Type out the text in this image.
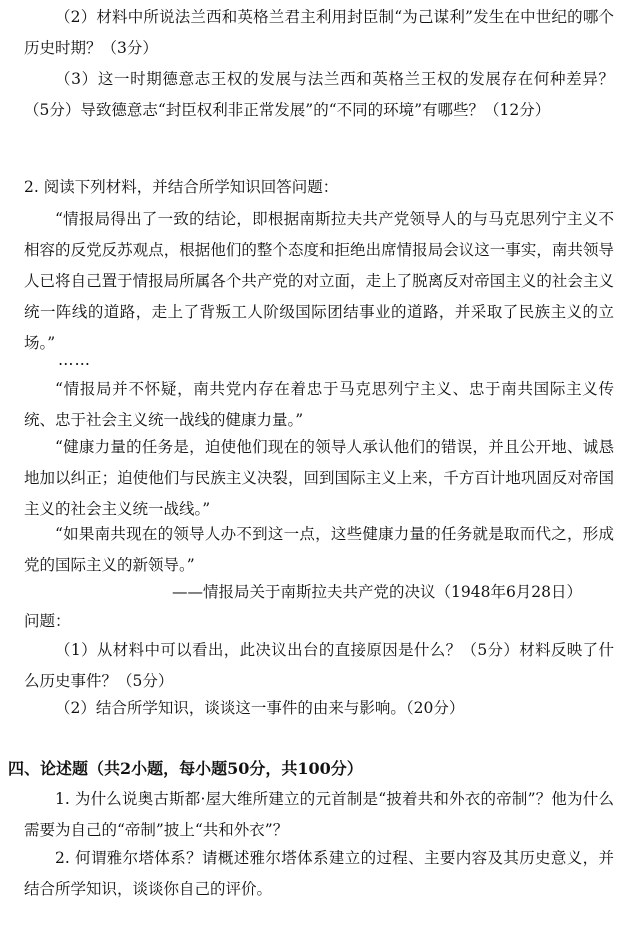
（2）材料中所说法兰西和英格兰君主利用封臣制“为己谋利”发生在中世纪的哪个历史时期？（3分）

（3）这一时期德意志王权的发展与法兰西和英格兰王权的发展存在何种差异？（5分）导致德意志“封臣权利非正常发展”的“不同的环境”有哪些？（12分）

2. 阅读下列材料，并结合所学知识回答问题：

“情报局得出了一致的结论，即根据南斯拉夫共产党领导人的与马克思列宁主义不相容的反党反苏观点，根据他们的整个态度和拒绝出席情报局会议这一事实，南共领导人已将自己置于情报局所属各个共产党的对立面，走上了脱离反对帝国主义的社会主义统一阵线的道路，走上了背叛工人阶级国际团结事业的道路，并采取了民族主义的立场。”

……

“情报局并不怀疑，南共党内存在着忠于马克思列宁主义、忠于南共国际主义传统、忠于社会主义统一战线的健康力量。”

“健康力量的任务是，迫使他们现在的领导人承认他们的错误，并且公开地、诚恳地加以纠正；迫使他们与民族主义决裂，回到国际主义上来，千方百计地巩固反对帝国主义的社会主义统一战线。”

“如果南共现在的领导人办不到这一点，这些健康力量的任务就是取而代之，形成党的国际主义的新领导。”

——情报局关于南斯拉夫共产党的决议（1948年6月28日）

问题：

（1）从材料中可以看出，此决议出台的直接原因是什么？（5分）材料反映了什么历史事件？（5分）

（2）结合所学知识，谈谈这一事件的由来与影响。（20分）

四、论述题（共2小题，每小题50分，共100分）

1. 为什么说奥古斯都·屋大维所建立的元首制是“披着共和外衣的帝制”？他为什么需要为自己的“帝制”披上“共和外衣”？

2. 何谓雅尔塔体系？请概述雅尔塔体系建立的过程、主要内容及其历史意义，并结合所学知识，谈谈你自己的评价。
